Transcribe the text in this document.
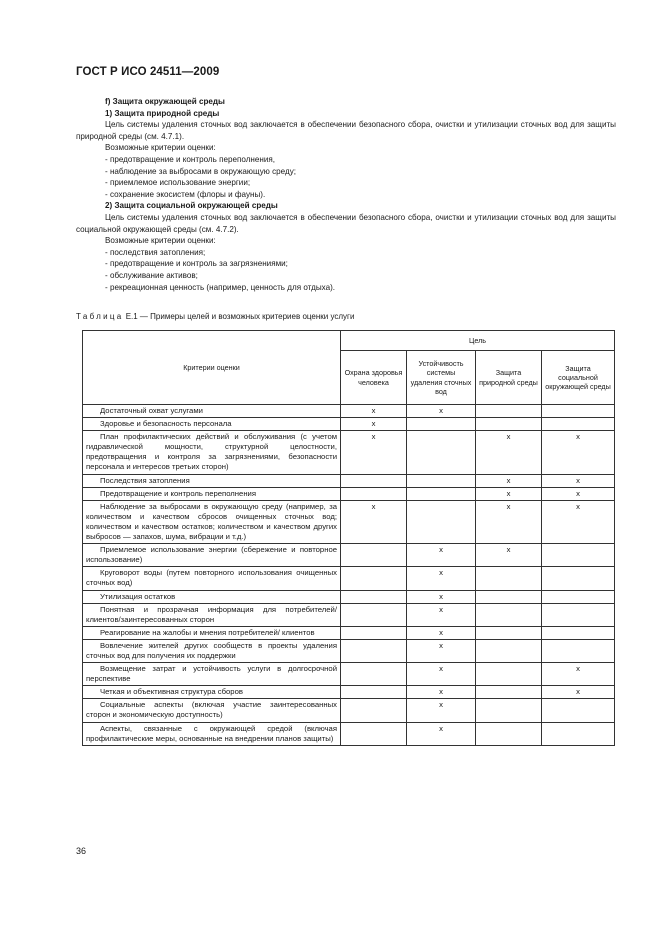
ГОСТ Р ИСО 24511—2009
f) Защита окружающей среды
1) Защита природной среды
Цель системы удаления сточных вод заключается в обеспечении безопасного сбора, очистки и утилизации сточных вод для защиты природной среды (см. 4.7.1).
Возможные критерии оценки:
- предотвращение и контроль переполнения,
- наблюдение за выбросами в окружающую среду;
- приемлемое использование энергии;
- сохранение экосистем (флоры и фауны).
2) Защита социальной окружающей среды
Цель системы удаления сточных вод заключается в обеспечении безопасного сбора, очистки и утилизации сточных вод для защиты социальной окружающей среды (см. 4.7.2).
Возможные критерии оценки:
- последствия затопления;
- предотвращение и контроль за загрязнениями;
- обслуживание активов;
- рекреационная ценность (например, ценность для отдыха).
Таблица Е.1 — Примеры целей и возможных критериев оценки услуги
Критерии оценки	Цель			
	Охрана здоровья человека	Устойчивость системы удаления сточных вод	Защита природной среды	Защита социальной окружающей среды
Достаточный охват услугами	x	x		
Здоровье и безопасность персонала	x			
План профилактических действий и обслуживания (с учетом гидравлической мощности, структурной целостности, предотвращения и контроля за загрязнениями, безопасности персонала и интересов третьих сторон)	x		x	x
Последствия затопления			x	x
Предотвращение и контроль переполнения			x	x
Наблюдение за выбросами в окружающую среду (например, за количеством и качеством сбросов очищенных сточных вод; количеством и качеством остатков; количеством и качеством других выбросов — запахов, шума, вибрации и т.д.)	x		x	x
Приемлемое использование энергии (сбережение и повторное использование)		x	x	
Круговорот воды (путем повторного использования очищенных сточных вод)		x		
Утилизация остатков		x		
Понятная и прозрачная информация для потребителей/ клиентов/заинтересованных сторон		x		
Реагирование на жалобы и мнения потребителей/ клиентов		x		
Вовлечение жителей других сообществ в проекты удаления сточных вод для получения их поддержки		x		
Возмещение затрат и устойчивость услуги в долгосрочной перспективе		x		x
Четкая и объективная структура сборов		x		x
Социальные аспекты (включая участие заинтересованных сторон и экономическую доступность)		x		
Аспекты, связанные с окружающей средой (включая профилактические меры, основанные на внедрении планов защиты)		x		
36
